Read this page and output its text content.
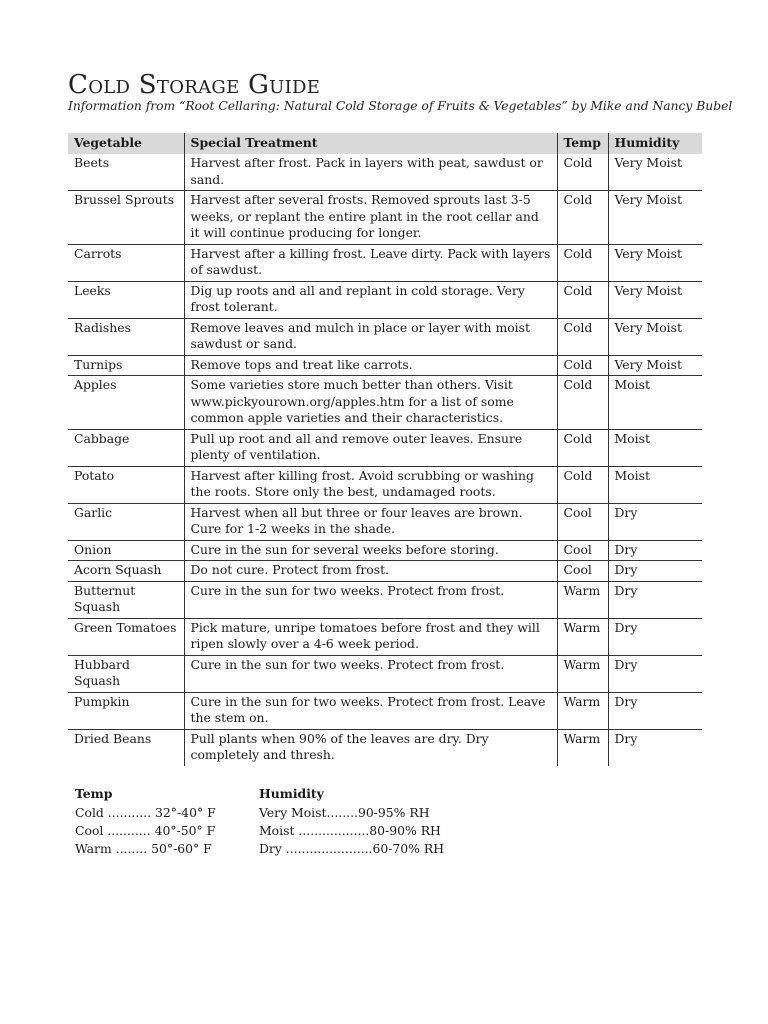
Cold Storage Guide

Information from “Root Cellaring: Natural Cold Storage of Fruits & Vegetables” by Mike and Nancy Bubel

Vegetable	Special Treatment	Temp	Humidity
Beets	Harvest after frost. Pack in layers with peat, sawdust or sand.	Cold	Very Moist
Brussel Sprouts	Harvest after several frosts. Removed sprouts last 3-5 weeks, or replant the entire plant in the root cellar and it will continue producing for longer.	Cold	Very Moist
Carrots	Harvest after a killing frost. Leave dirty. Pack with layers of sawdust.	Cold	Very Moist
Leeks	Dig up roots and all and replant in cold storage. Very frost tolerant.	Cold	Very Moist
Radishes	Remove leaves and mulch in place or layer with moist sawdust or sand.	Cold	Very Moist
Turnips	Remove tops and treat like carrots.	Cold	Very Moist
Apples	Some varieties store much better than others. Visit www.pickyourown.org/apples.htm for a list of some common apple varieties and their characteristics.	Cold	Moist
Cabbage	Pull up root and all and remove outer leaves. Ensure plenty of ventilation.	Cold	Moist
Potato	Harvest after killing frost. Avoid scrubbing or washing the roots. Store only the best, undamaged roots.	Cold	Moist
Garlic	Harvest when all but three or four leaves are brown. Cure for 1-2 weeks in the shade.	Cool	Dry
Onion	Cure in the sun for several weeks before storing.	Cool	Dry
Acorn Squash	Do not cure. Protect from frost.	Cool	Dry
Butternut Squash	Cure in the sun for two weeks. Protect from frost.	Warm	Dry
Green Tomatoes	Pick mature, unripe tomatoes before frost and they will ripen slowly over a 4-6 week period.	Warm	Dry
Hubbard Squash	Cure in the sun for two weeks. Protect from frost.	Warm	Dry
Pumpkin	Cure in the sun for two weeks. Protect from frost. Leave the stem on.	Warm	Dry
Dried Beans	Pull plants when 90% of the leaves are dry. Dry completely and thresh.	Warm	Dry
Temp
Cold ........... 32°-40° F
Cool ........... 40°-50° F
Warm ........ 50°-60° F
Humidity
Very Moist........90-95% RH
Moist ..................80-90% RH
Dry ......................60-70% RH
